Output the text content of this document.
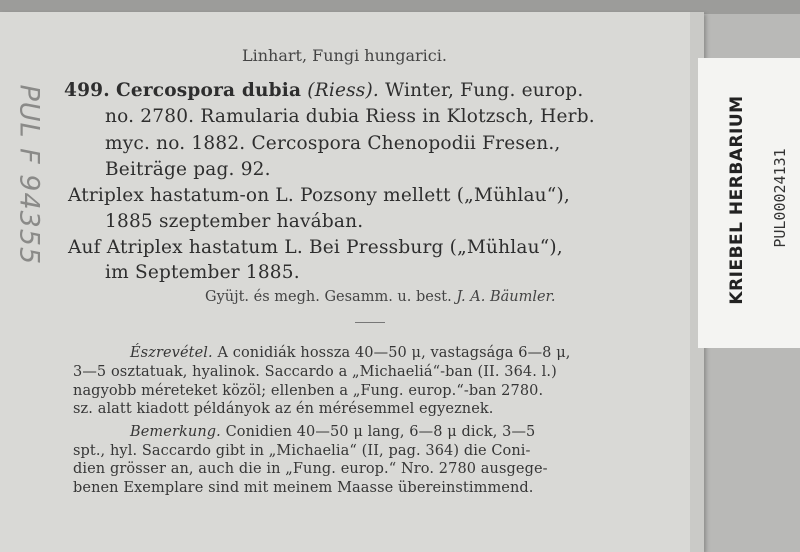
Linhart, Fungi hungarici.
499. Cercospora dubia (Riess). Winter, Fung. europ.
no. 2780. Ramularia dubia Riess in Klotzsch, Herb.
myc. no. 1882. Cercospora Chenopodii Fresen.,
Beiträge pag. 92.
Atriplex hastatum-on L. Pozsony mellett („Mühlau“),
1885 szeptember havában.
Auf Atriplex hastatum L. Bei Pressburg („Mühlau“),
im September 1885.
Gyüjt. és megh. Gesamm. u. best. J. A. Bäumler.
Észrevétel. A conidiák hossza 40—50 μ, vastagsága 6—8 μ,
3—5 osztatuak, hyalinok. Saccardo a „Michaeliá“-ban (II. 364. l.)
nagyobb méreteket közöl; ellenben a „Fung. europ.“-ban 2780.
sz. alatt kiadott példányok az én mérésemmel egyeznek.
Bemerkung. Conidien 40—50 μ lang, 6—8 μ dick, 3—5
spt., hyl. Saccardo gibt in „Michaelia“ (II, pag. 364) die Coni-
dien grösser an, auch die in „Fung. europ.“ Nro. 2780 ausgege-
benen Exemplare sind mit meinem Maasse übereinstimmend.
PUL F 94355	KRIEBEL HERBARIUM PUL00024131
